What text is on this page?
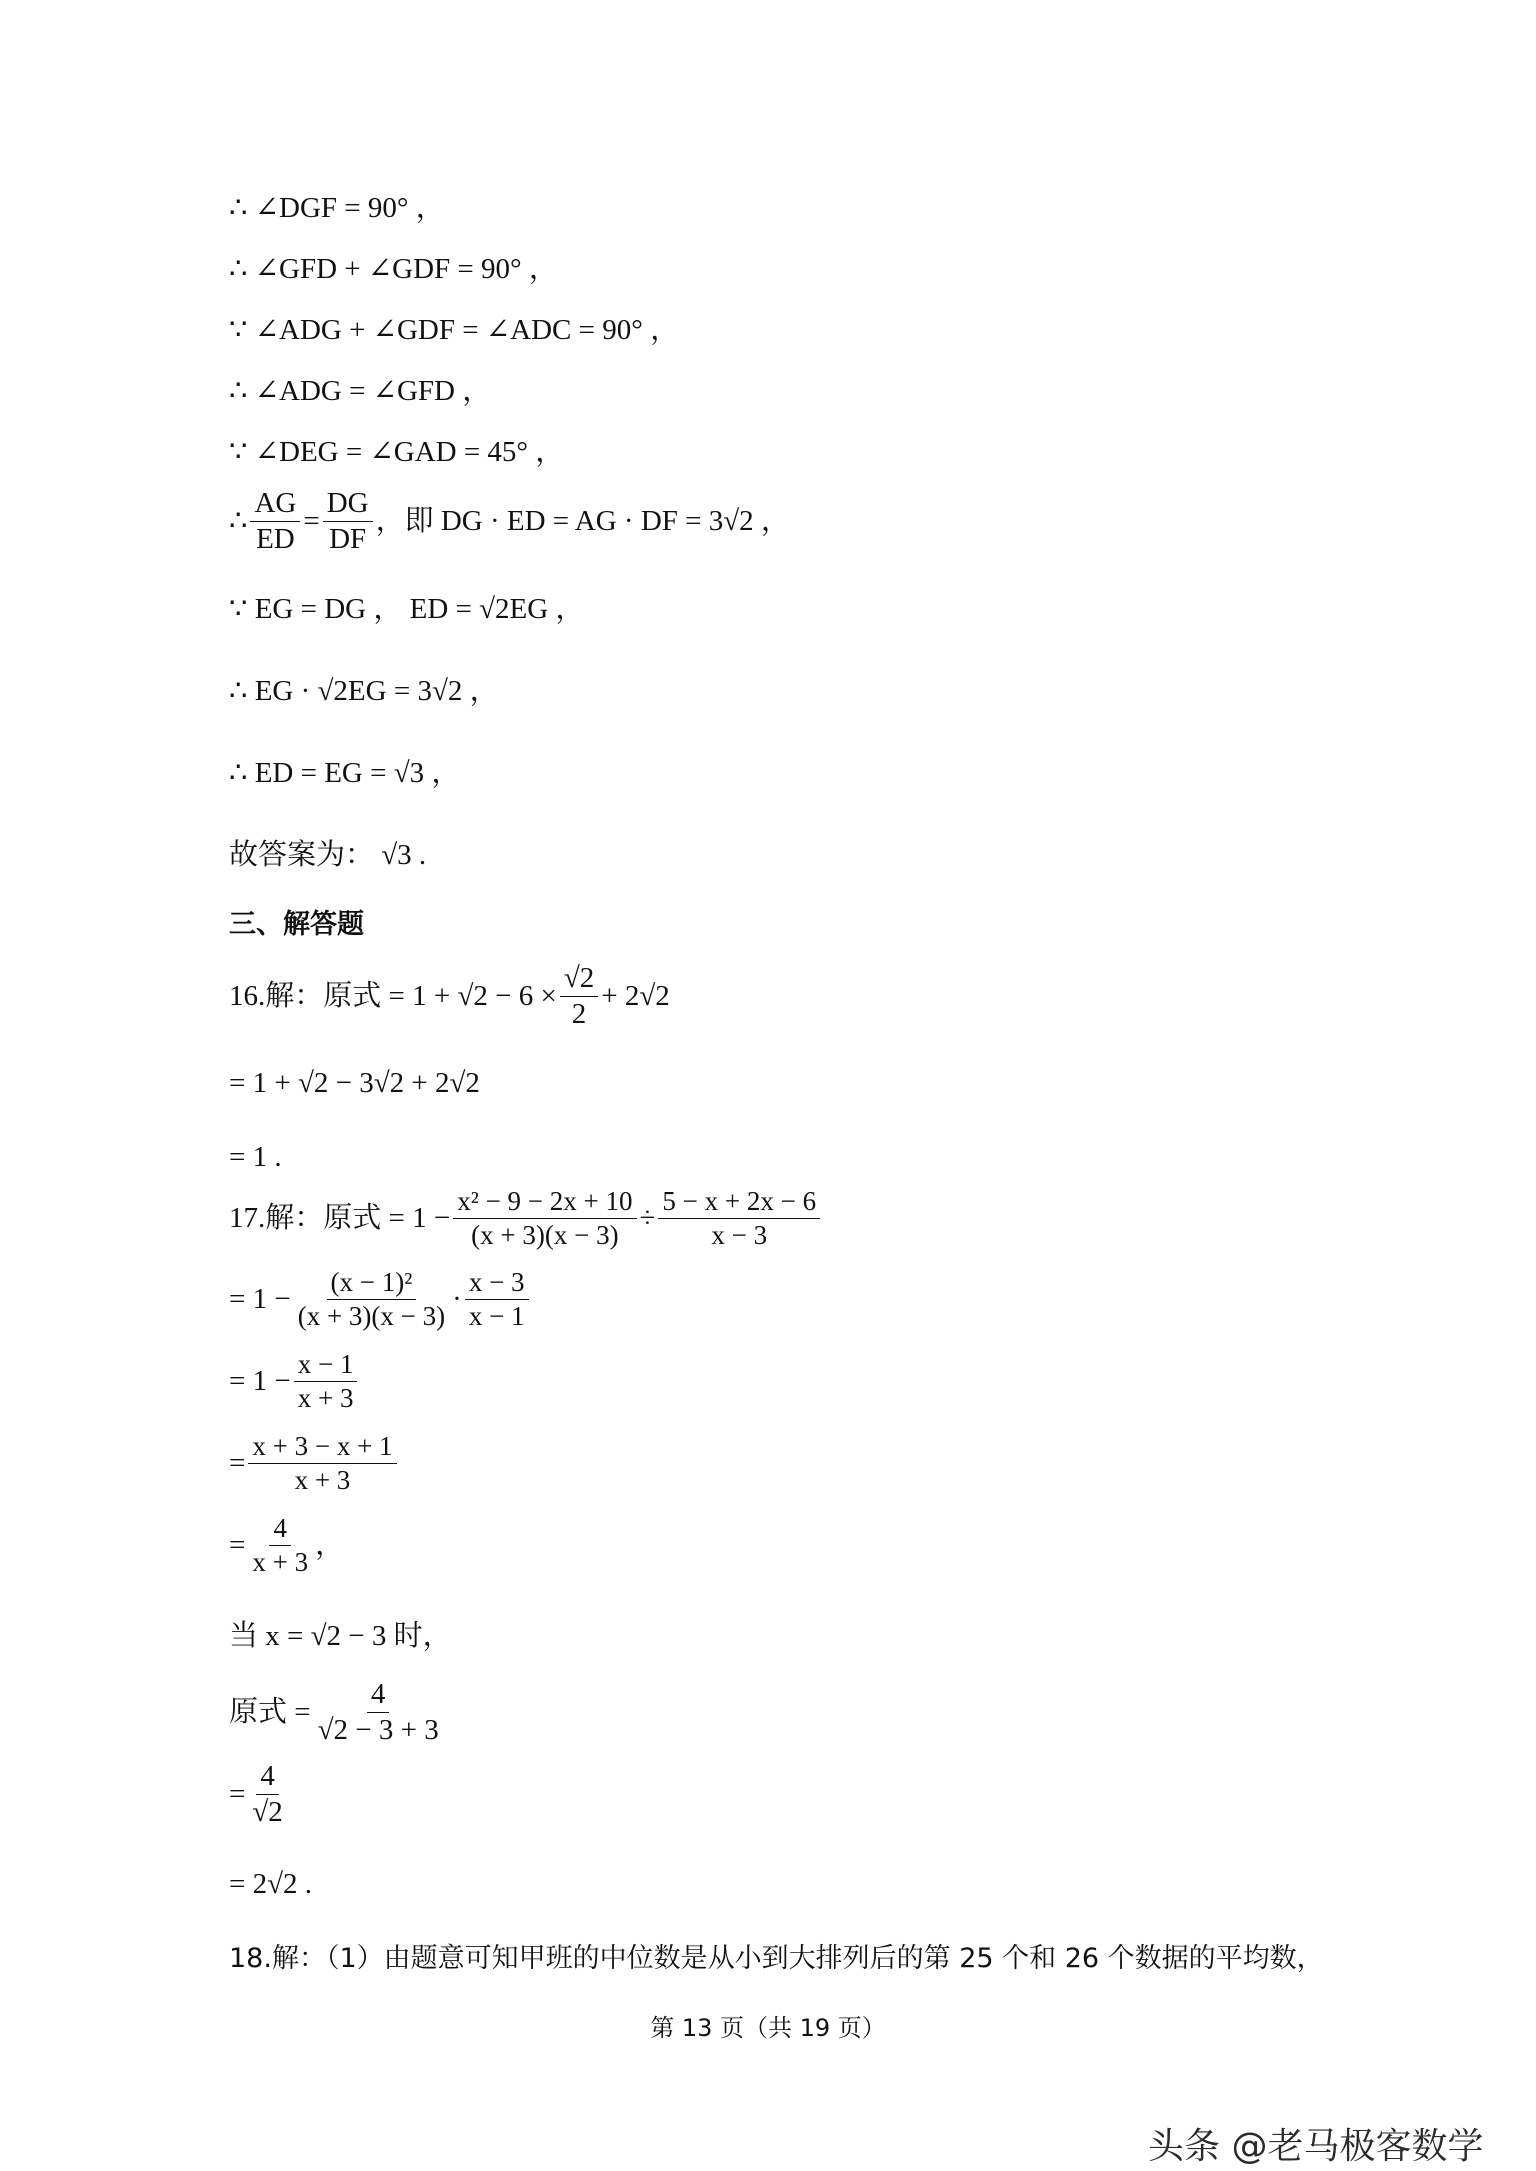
∴ ∠DGF = 90° ，
∴ ∠GFD + ∠GDF = 90° ，
∵ ∠ADG + ∠GDF = ∠ADC = 90° ，
∴ ∠ADG = ∠GFD ，
∵ ∠DEG = ∠GAD = 45° ，
∴ $\frac{AG}{ED} = \frac{DG}{DF}$ ，即 DG · ED = AG · DF = 3√2 ，
∵ EG = DG ， ED = √2EG ，
∴ EG · √2EG = 3√2 ，
∴ ED = EG = √3 ，
故答案为： √3 .
三、解答题
16.解：原式 = $1 + √2 - 6 \times \frac{√2}{2} + 2√2$
= 1 + √2 − 3√2 + 2√2
= 1 .
17.解：原式 = $1 - \frac{\text{x² − 9 − 2x + 10}}{(x + 3)(x - 3)} \div \frac{5 - x + 2x - 6}{x - 3}$
= $1 - \frac{\text{(x − 1)²}}{(x + 3)(x - 3)} \cdot \frac{x - 3}{x - 1}$
= $1 - \frac{x - 1}{x + 3}$
= $\frac{x + 3 - x + 1}{x + 3}$
= $\frac{4}{x + 3}$ ，
当 x = √2 − 3 时，
原式 = $\frac{4}{√2 - 3 + 3}$
= $\frac{4}{√2}$
= 2√2 .
18.解：（1）由题意可知甲班的中位数是从小到大排列后的第 25 个和 26 个数据的平均数，
第 13 页（共 19 页）
头条 @老马极客数学
